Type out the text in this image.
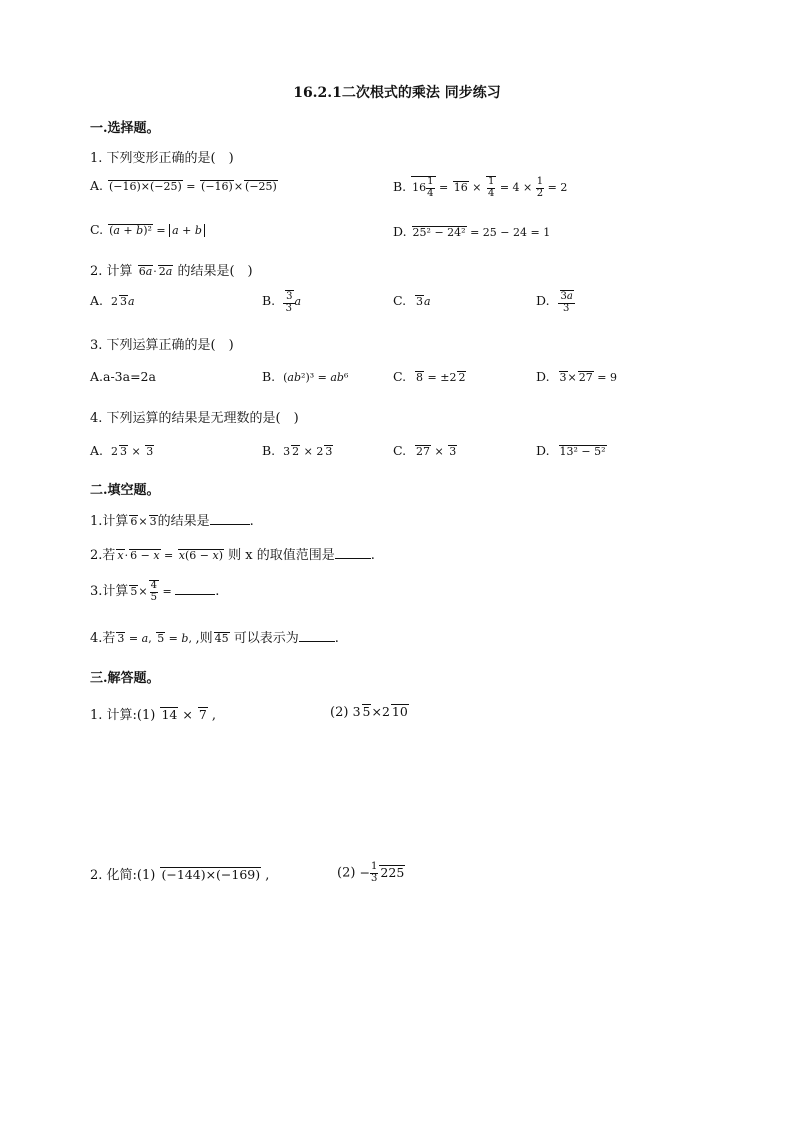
16.2.1二次根式的乘法 同步练习
一.选择题。
1. 下列变形正确的是(　)
A. (−16)×(−25) = (−16)× (−25)	B. $16 \frac{1}{4} = 16 \times \frac{1}{4} = 4 \times \frac{1}{2} = 2$
C. (a + b)² = a + b	D. 25² − 24² = 25 − 24 = 1
2. 计算 6a· 2a 的结果是(　)
A. 2 3a	B. $\frac{3}{3}$ a	C. 3a	D. $\frac{3a}{3}$
3. 下列运算正确的是(　)
A.a-3a=2a	B. (ab²)³ = ab⁶	C. 8 = ±2 2	D. 3× 27 = 9
4. 下列运算的结果是无理数的是(　)
A. 2 3 × 3	B. 3 2 × 2 3	C. 27 × 3	D. 13² − 5²
二.填空题。
1.计算 6× 3的结果是	.
2.若 x· 6 − x = x(6 − x) 则 x 的取值范围是	.
3.计算 $5\times \frac{4}{5}$ =	.
4.若 3 = a, 5 = b, ,则 45 可以表示为	.
三.解答题。
1. 计算:(1) 14 × 7 ,	(2) 3 5×2 10
2. 化简:(1) (−144)×(−169) ,	$(2) - \frac{1}{3} 225$
